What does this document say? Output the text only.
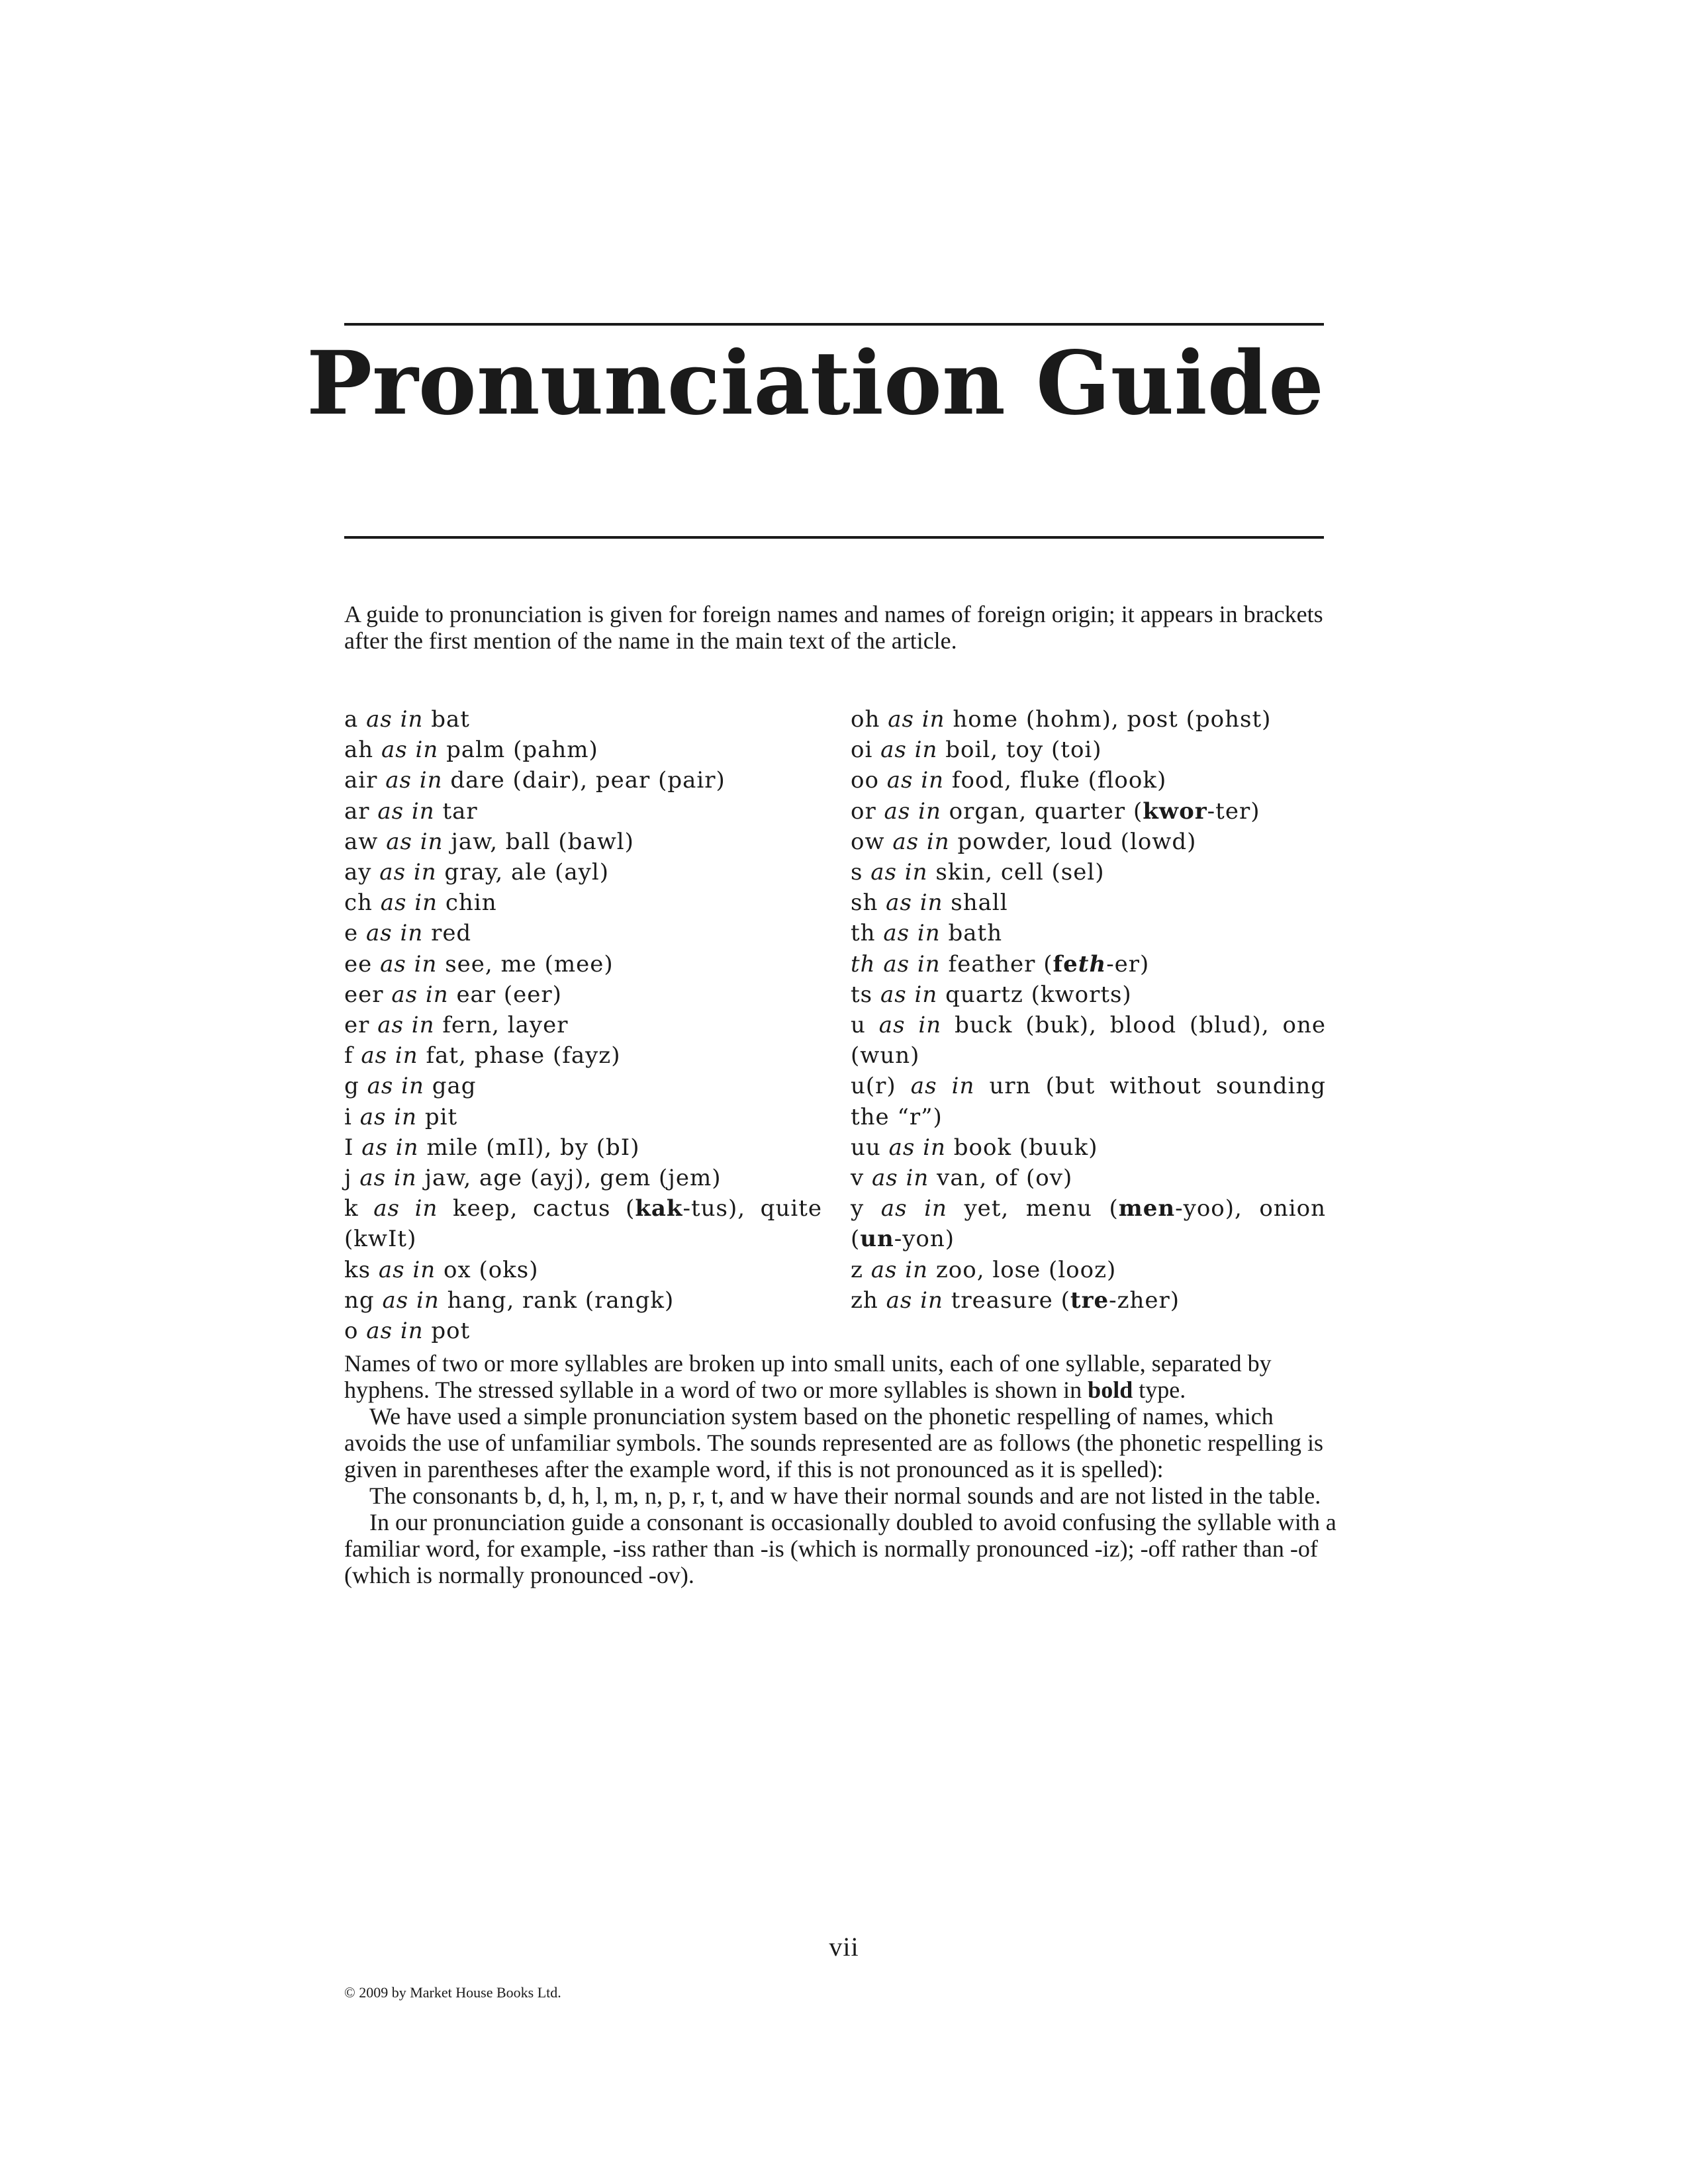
Pronunciation Guide

A guide to pronunciation is given for foreign names and names of foreign origin; it appears in brackets after the first mention of the name in the main text of the article.

a as in bat
ah as in palm (pahm)
air as in dare (dair), pear (pair)
ar as in tar
aw as in jaw, ball (bawl)
ay as in gray, ale (ayl)
ch as in chin
e as in red
ee as in see, me (mee)
eer as in ear (eer)
er as in fern, layer
f as in fat, phase (fayz)
g as in gag
i as in pit
I as in mile (mIl), by (bI)
j as in jaw, age (ayj), gem (jem)
k as in keep, cactus (kak-tus), quite (kwIt)
ks as in ox (oks)
ng as in hang, rank (rangk)
o as in pot
oh as in home (hohm), post (pohst)
oi as in boil, toy (toi)
oo as in food, fluke (flook)
or as in organ, quarter (kwor-ter)
ow as in powder, loud (lowd)
s as in skin, cell (sel)
sh as in shall
th as in bath
th as in feather (feth-er)
ts as in quartz (kworts)
u as in buck (buk), blood (blud), one (wun)
u(r) as in urn (but without sounding the “r”)
uu as in book (buuk)
v as in van, of (ov)
y as in yet, menu (men-yoo), onion (un-yon)
z as in zoo, lose (looz)
zh as in treasure (tre-zher)

Names of two or more syllables are broken up into small units, each of one syllable, separated by hyphens. The stressed syllable in a word of two or more syllables is shown in bold type.

We have used a simple pronunciation system based on the phonetic respelling of names, which avoids the use of unfamiliar symbols. The sounds represented are as follows (the phonetic respelling is given in parentheses after the example word, if this is not pronounced as it is spelled):

The consonants b, d, h, l, m, n, p, r, t, and w have their normal sounds and are not listed in the table.

In our pronunciation guide a consonant is occasionally doubled to avoid confusing the syllable with a familiar word, for example, -iss rather than -is (which is normally pronounced -iz); -off rather than -of (which is normally pronounced -ov).

vii
© 2009 by Market House Books Ltd.
